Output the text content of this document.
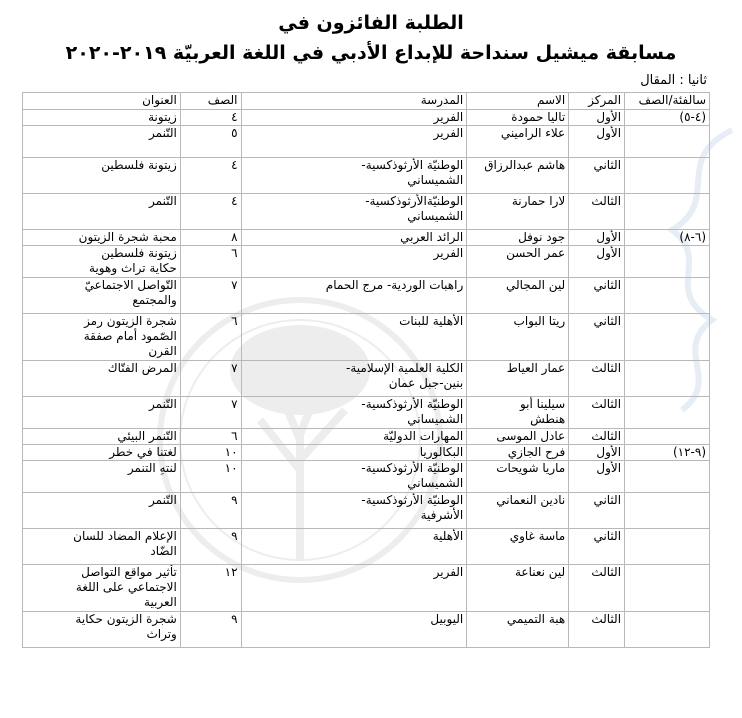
الطلبة الفائزون في
مسابقة ميشيل سنداحة للإبداع الأدبي في اللغة العربيّة ٢٠١٩-٢٠٢٠
ثانيا : المقال
سالفئة/الصف	المركز	الاسم	المدرسة	الصف	العنوان
(٤-٥)	الأول	تاليا حمودة	الفرير	٤	زيتونة
	الأول	علاء الراميني	الفرير	٥	التّنمر
	الثاني	هاشم عبدالرزاق	الوطنيّة الأرثوذكسية-
الشميساني	٤	زيتونة فلسطين
	الثالث	لارا حمارنة	الوطنيّةالأرثوذكسية-
الشميساني	٤	التّنمر
(٦-٨)	الأول	جود نوفل	الرائد العربي	٨	محبة شجرة الزيتون
	الأول	عمر الحسن	الفرير	٦	زيتونة فلسطين
حكاية تراث وهوية
	الثاني	لين المجالي	راهبات الوردية- مرج الحمام	٧	التّواصل الاجتماعيّ
والمجتمع
	الثاني	ريتا البواب	الأهلية للبنات	٦	شجرة الزيتون رمز
الصّمود أمام صفقة
القرن
	الثالث	عمار العياط	الكلية العلمية الإسلامية-
بنين-جبل عمان	٧	المرض الفتّاك
	الثالث	سيلينا أبو
هنطش	الوطنيّة الأرثوذكسية-
الشميساني	٧	التّنمر
	الثالث	عادل الموسى	المهارات الدوليّة	٦	التّنمر البيئي
(٩-١٢)	الأول	فرح الجازي	البكالوريا	١٠	لغتنا في خطر
	الأول	ماريا شويحات	الوطنيّة الأرثوذكسية-
الشميساني	١٠	لنتهِ التنمر
	الثاني	نادين النعماني	الوطنيّة الأرثوذكسية-
الأشرفية	٩	التّنمر
	الثاني	ماسة غاوي	الأهلية	٩	الإعلام المضاد للسان
الضّاد
	الثالث	لين نعناعة	الفرير	١٢	تأثير مواقع التواصل
الاجتماعي على اللغة
العربية
	الثالث	هبة التميمي	اليوبيل	٩	شجرة الزيتون حكاية
وتراث
